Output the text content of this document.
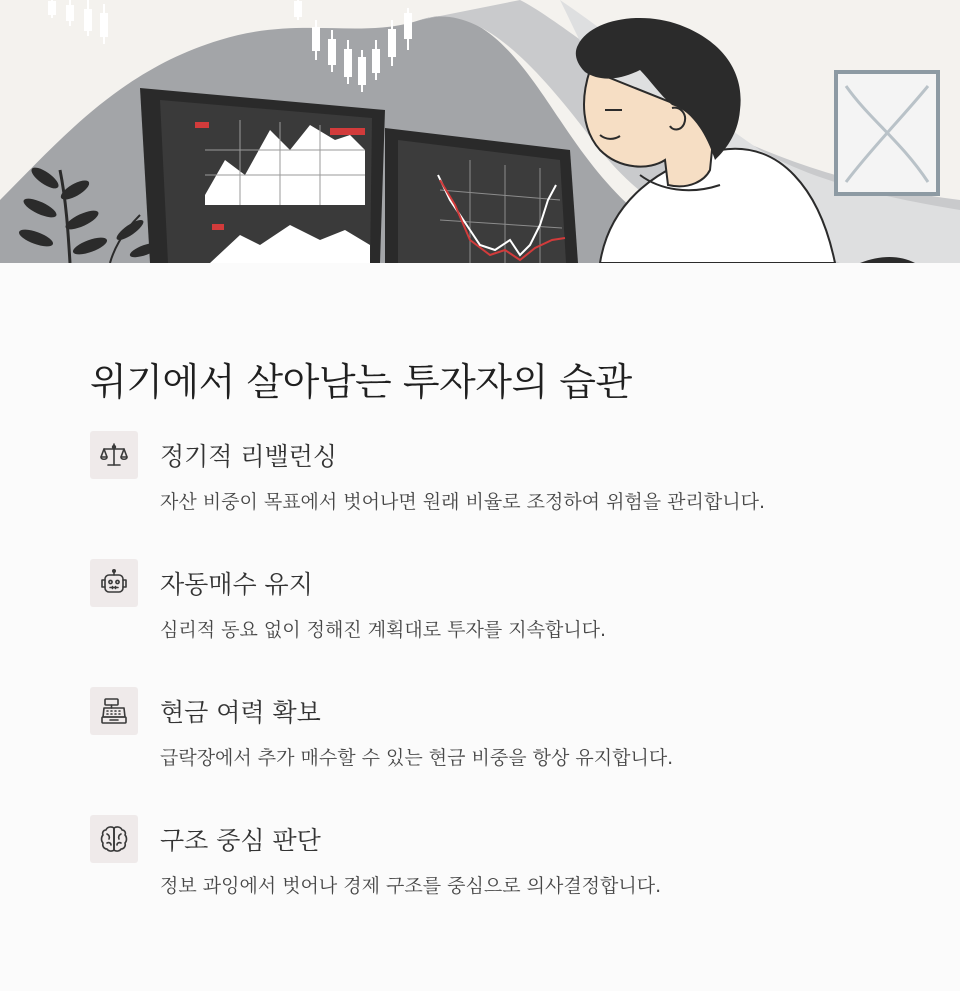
위기에서 살아남는 투자자의 습관
정기적 리밸런싱
자산 비중이 목표에서 벗어나면 원래 비율로 조정하여 위험을 관리합니다.
자동매수 유지
심리적 동요 없이 정해진 계획대로 투자를 지속합니다.
현금 여력 확보
급락장에서 추가 매수할 수 있는 현금 비중을 항상 유지합니다.
구조 중심 판단
정보 과잉에서 벗어나 경제 구조를 중심으로 의사결정합니다.
